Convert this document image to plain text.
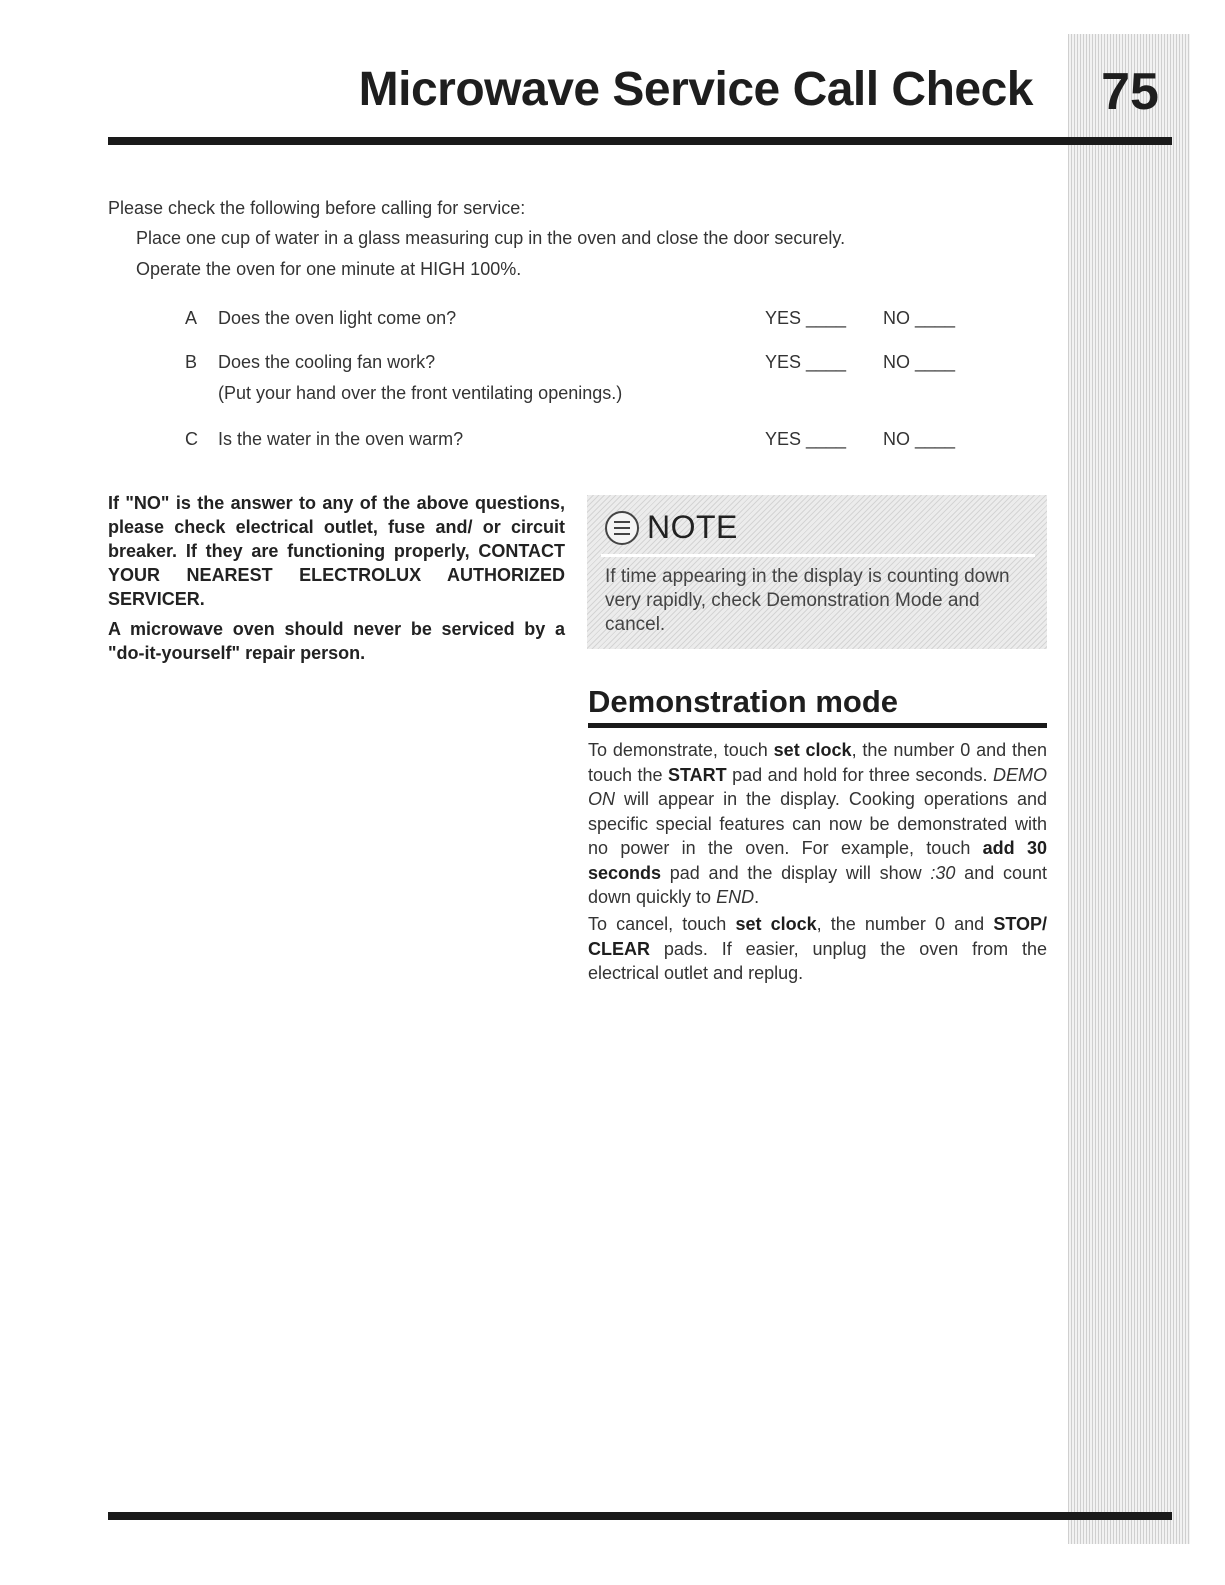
Microwave Service Call Check	75
Please check the following before calling for service:
Place one cup of water in a glass measuring cup in the oven and close the door securely.
Operate the oven for one minute at HIGH 100%.
A Does the oven light come on?	YES ____ NO ____
B Does the cooling fan work?
(Put your hand over the front ventilating openings.)
YES ____ NO ____
C Is the water in the oven warm?	YES ____ NO ____

If "NO" is the answer to any of the above questions, please check electrical outlet, fuse and/ or circuit breaker. If they are functioning properly, CONTACT YOUR NEAREST ELECTROLUX AUTHORIZED SERVICER.

A microwave oven should never be serviced by a "do-it-yourself" repair person.

NOTE
If time appearing in the display is counting down very rapidly, check Demonstration Mode and cancel.
Demonstration mode

To demonstrate, touch set clock, the number 0 and then touch the START pad and hold for three seconds. DEMO ON will appear in the display. Cooking operations and specific special features can now be demonstrated with no power in the oven. For example, touch add 30 seconds pad and the display will show :30 and count down quickly to END.

To cancel, touch set clock, the number 0 and STOP/ CLEAR pads. If easier, unplug the oven from the electrical outlet and replug.
